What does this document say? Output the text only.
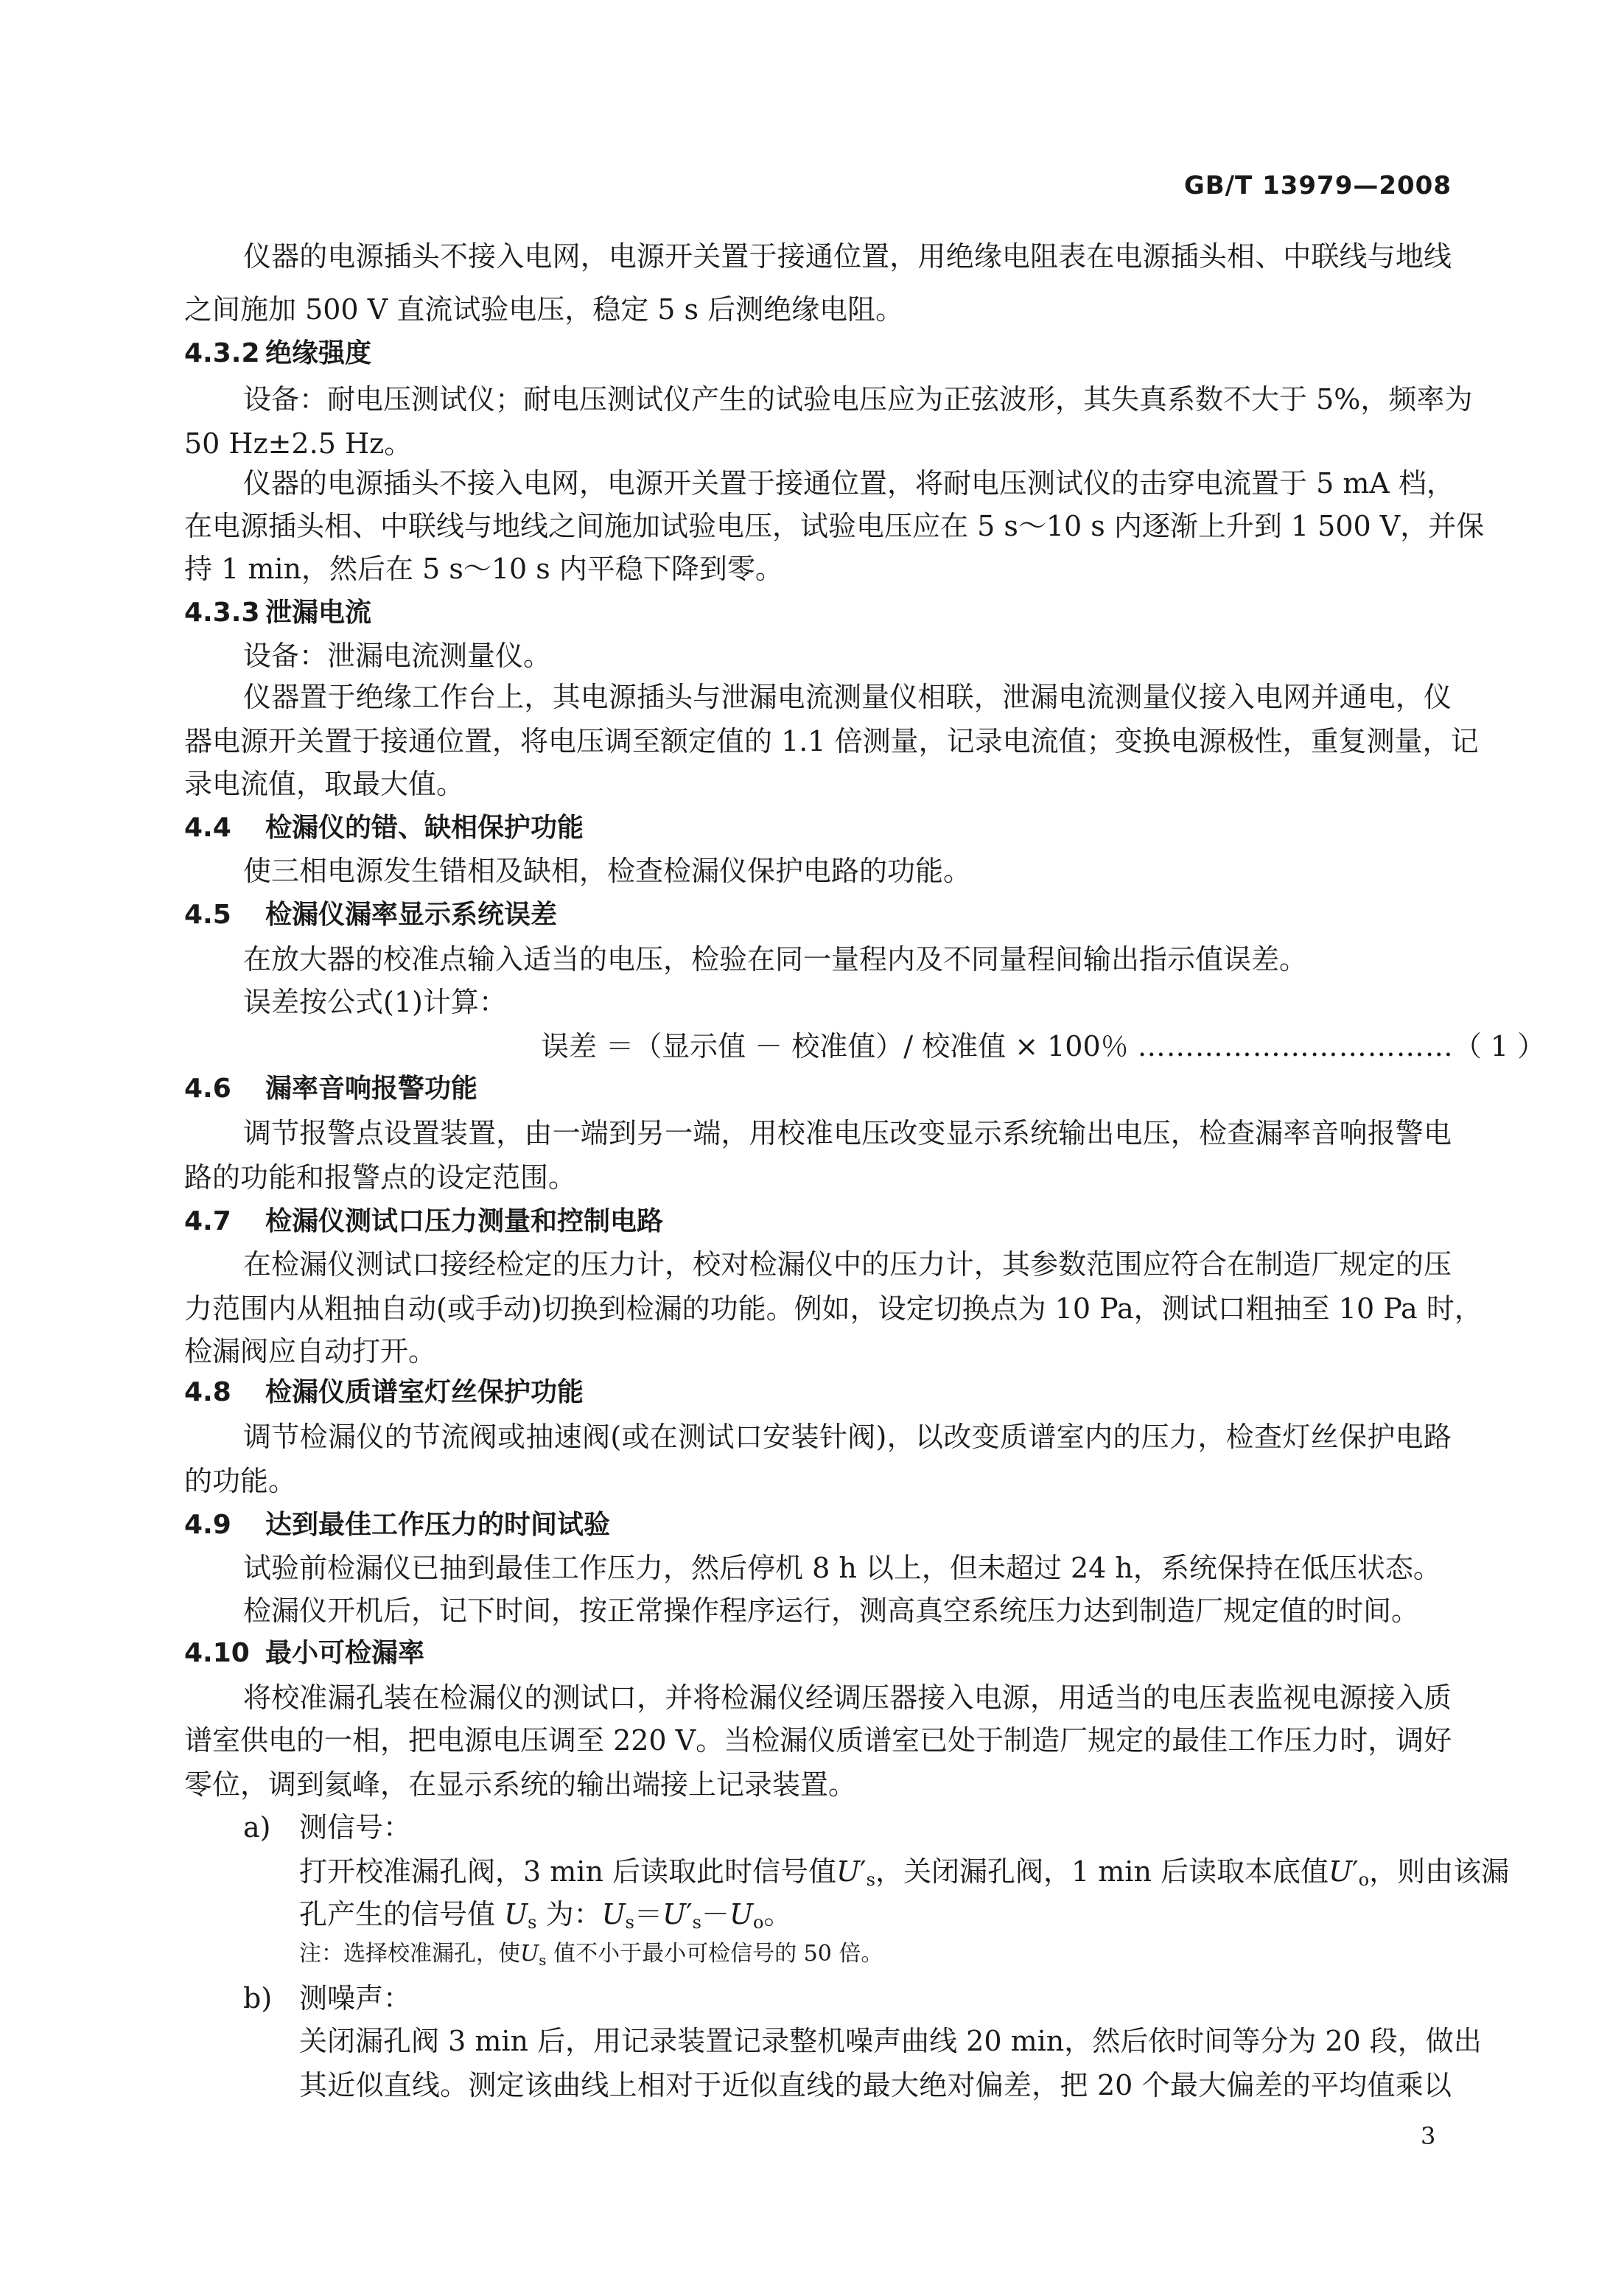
GB/T 13979—2008
仪器的电源插头不接入电网，电源开关置于接通位置，用绝缘电阻表在电源插头相、中联线与地线
之间施加 500 V 直流试验电压，稳定 5 s 后测绝缘电阻。
4.3.2 绝缘强度
设备：耐电压测试仪；耐电压测试仪产生的试验电压应为正弦波形，其失真系数不大于 5%，频率为
50 Hz±2.5 Hz。
仪器的电源插头不接入电网，电源开关置于接通位置，将耐电压测试仪的击穿电流置于 5 mA 档，
在电源插头相、中联线与地线之间施加试验电压，试验电压应在 5 s～10 s 内逐渐上升到 1 500 V，并保
持 1 min，然后在 5 s～10 s 内平稳下降到零。
4.3.3 泄漏电流
设备：泄漏电流测量仪。
仪器置于绝缘工作台上，其电源插头与泄漏电流测量仪相联，泄漏电流测量仪接入电网并通电，仪
器电源开关置于接通位置，将电压调至额定值的 1.1 倍测量，记录电流值；变换电源极性，重复测量，记
录电流值，取最大值。
4.4 检漏仪的错、缺相保护功能
使三相电源发生错相及缺相，检查检漏仪保护电路的功能。
4.5 检漏仪漏率显示系统误差
在放大器的校准点输入适当的电压，检验在同一量程内及不同量程间输出指示值误差。
误差按公式(1)计算：
误差 ＝（显示值 － 校准值）/ 校准值 × 100％ ……………………………（ 1 ）
4.6 漏率音响报警功能
调节报警点设置装置，由一端到另一端，用校准电压改变显示系统输出电压，检查漏率音响报警电
路的功能和报警点的设定范围。
4.7 检漏仪测试口压力测量和控制电路
在检漏仪测试口接经检定的压力计，校对检漏仪中的压力计，其参数范围应符合在制造厂规定的压
力范围内从粗抽自动(或手动)切换到检漏的功能。例如，设定切换点为 10 Pa，测试口粗抽至 10 Pa 时，
检漏阀应自动打开。
4.8 检漏仪质谱室灯丝保护功能
调节检漏仪的节流阀或抽速阀(或在测试口安装针阀)，以改变质谱室内的压力，检查灯丝保护电路
的功能。
4.9 达到最佳工作压力的时间试验
试验前检漏仪已抽到最佳工作压力，然后停机 8 h 以上，但未超过 24 h，系统保持在低压状态。
检漏仪开机后，记下时间，按正常操作程序运行，测高真空系统压力达到制造厂规定值的时间。
4.10 最小可检漏率
将校准漏孔装在检漏仪的测试口，并将检漏仪经调压器接入电源，用适当的电压表监视电源接入质
谱室供电的一相，把电源电压调至 220 V。当检漏仪质谱室已处于制造厂规定的最佳工作压力时，调好
零位，调到氦峰，在显示系统的输出端接上记录装置。
a) 测信号：
打开校准漏孔阀，3 min 后读取此时信号值$U'_s$，关闭漏孔阀，1 min 后读取本底值$U'_o$，则由该漏
孔产生的信号值 $U_s$ 为：$U_s=U'_s-U_o$。
注：选择校准漏孔，使$U_s$ 值不小于最小可检信号的 50 倍。
b) 测噪声：
关闭漏孔阀 3 min 后，用记录装置记录整机噪声曲线 20 min，然后依时间等分为 20 段，做出
其近似直线。测定该曲线上相对于近似直线的最大绝对偏差，把 20 个最大偏差的平均值乘以
3
